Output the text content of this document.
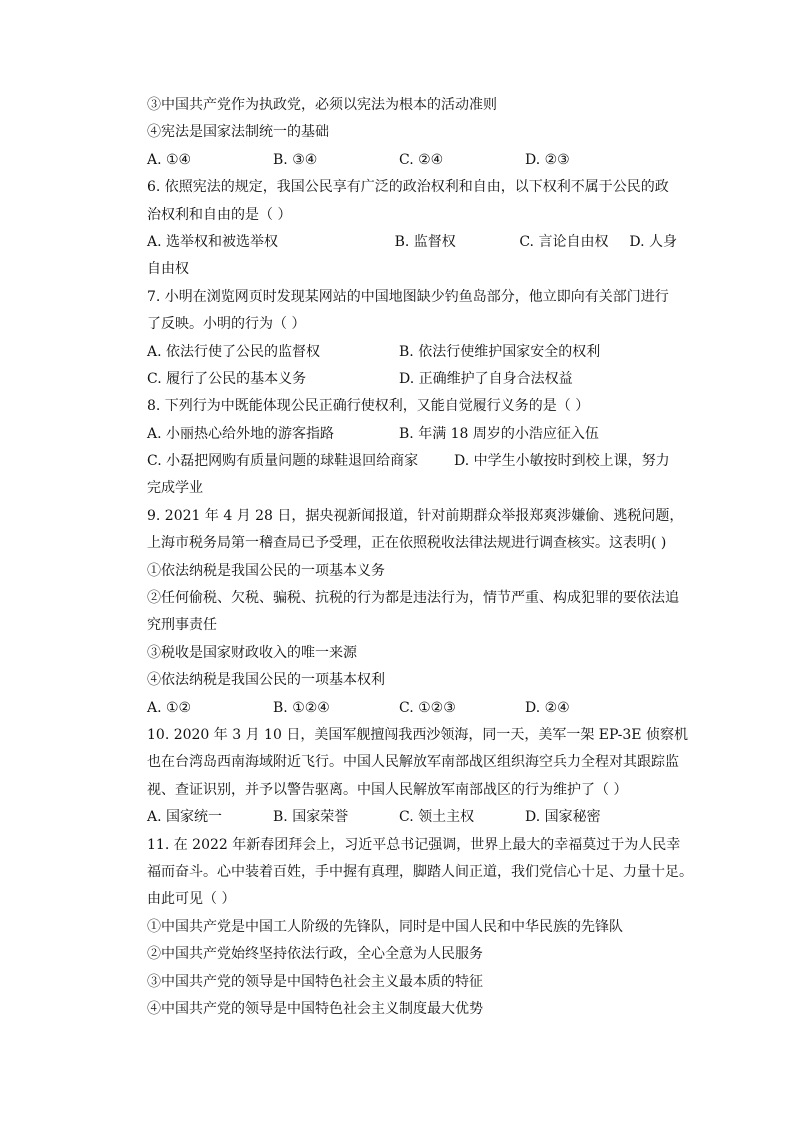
③中国共产党作为执政党，必须以宪法为根本的活动准则
④宪法是国家法制统一的基础
A. ①④	B. ③④	C. ②④	D. ②③
6. 依照宪法的规定，我国公民享有广泛的政治权利和自由，以下权利不属于公民的政
治权利和自由的是（ ）
A. 选举权和被选举权	B. 监督权	C. 言论自由权	D. 人身
自由权
7. 小明在浏览网页时发现某网站的中国地图缺少钓鱼岛部分，他立即向有关部门进行
了反映。小明的行为（ ）
A. 依法行使了公民的监督权	B. 依法行使维护国家安全的权利
C. 履行了公民的基本义务	D. 正确维护了自身合法权益
8. 下列行为中既能体现公民正确行使权利，又能自觉履行义务的是（ ）
A. 小丽热心给外地的游客指路	B. 年满 18 周岁的小浩应征入伍
C. 小磊把网购有质量问题的球鞋退回给商家	D. 中学生小敏按时到校上课，努力
完成学业
9. 2021 年 4 月 28 日，据央视新闻报道，针对前期群众举报郑爽涉嫌偷、逃税问题，
上海市税务局第一稽查局已予受理，正在依照税收法律法规进行调查核实。这表明( )
①依法纳税是我国公民的一项基本义务
②任何偷税、欠税、骗税、抗税的行为都是违法行为，情节严重、构成犯罪的要依法追
究刑事责任
③税收是国家财政收入的唯一来源
④依法纳税是我国公民的一项基本权利
A. ①②	B. ①②④	C. ①②③	D. ②④
10. 2020 年 3 月 10 日，美国军舰擅闯我西沙领海，同一天，美军一架 EP-3E 侦察机
也在台湾岛西南海域附近飞行。中国人民解放军南部战区组织海空兵力全程对其跟踪监
视、查证识别，并予以警告驱离。中国人民解放军南部战区的行为维护了（ ）
A. 国家统一	B. 国家荣誉	C. 领土主权	D. 国家秘密
11. 在 2022 年新春团拜会上，习近平总书记强调，世界上最大的幸福莫过于为人民幸
福而奋斗。心中装着百姓，手中握有真理，脚踏人间正道，我们党信心十足、力量十足。
由此可见（ ）
①中国共产党是中国工人阶级的先锋队，同时是中国人民和中华民族的先锋队
②中国共产党始终坚持依法行政，全心全意为人民服务
③中国共产党的领导是中国特色社会主义最本质的特征
④中国共产党的领导是中国特色社会主义制度最大优势
